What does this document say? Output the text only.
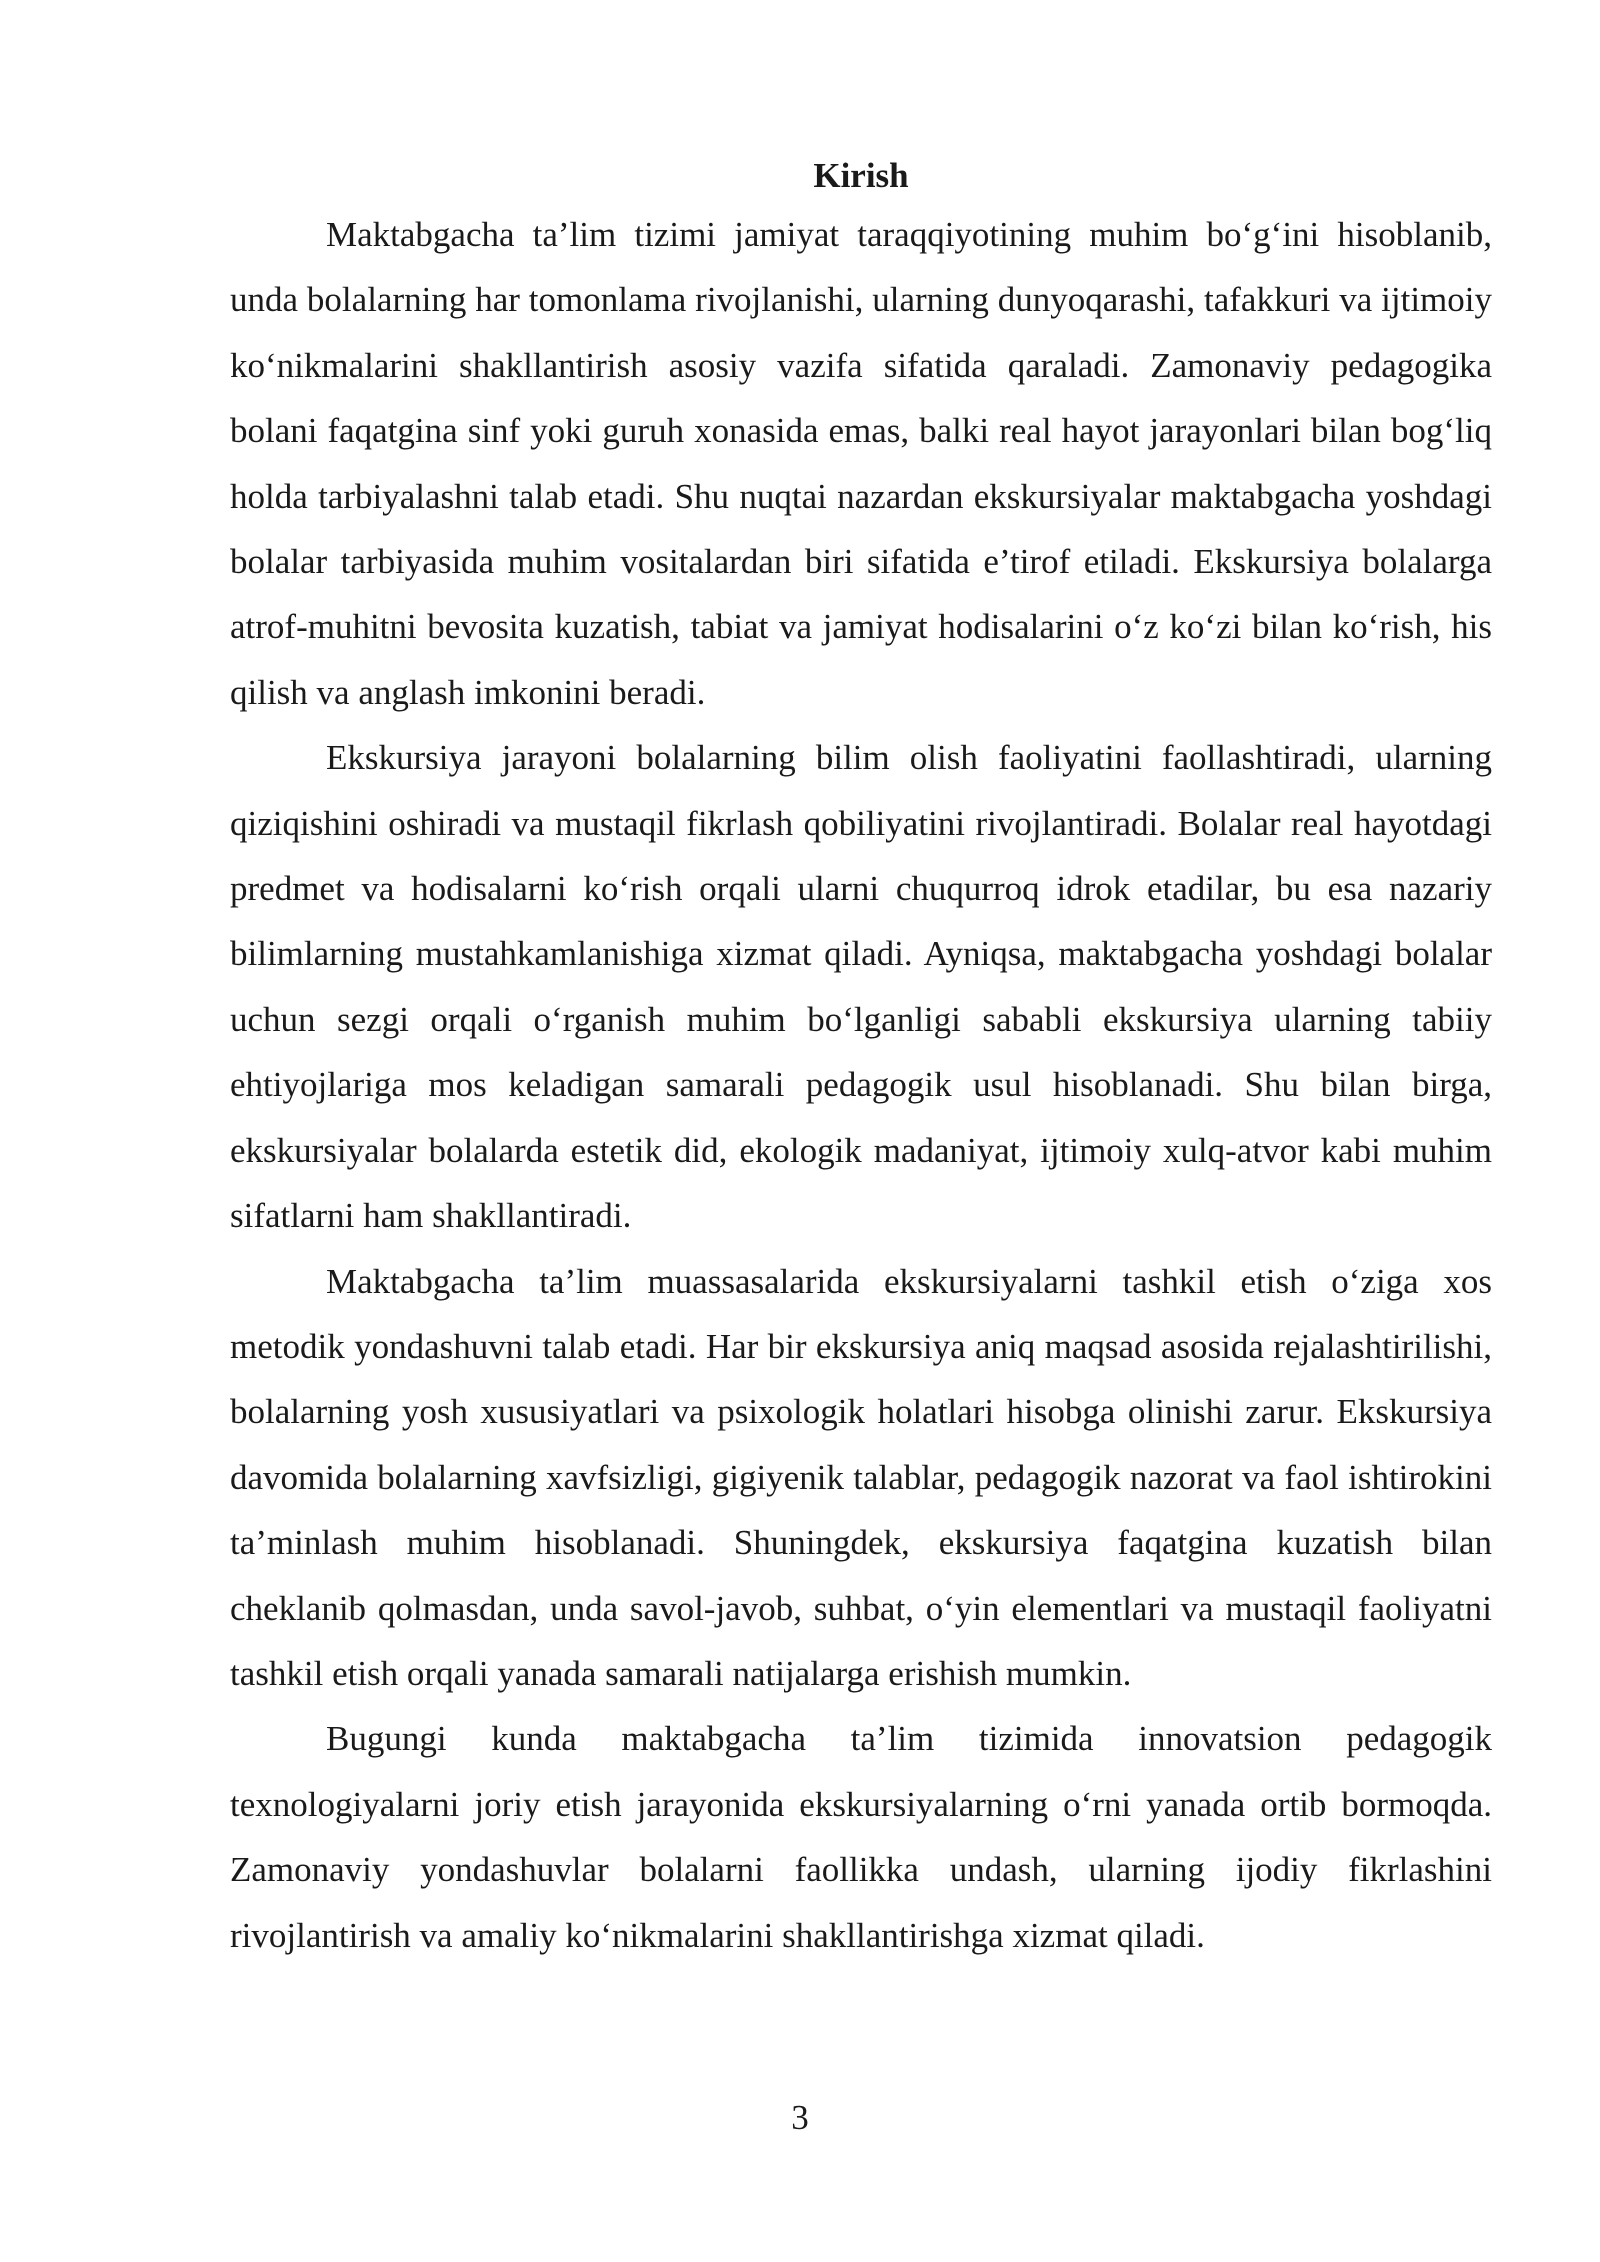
Kirish

Maktabgacha ta’lim tizimi jamiyat taraqqiyotining muhim bo‘g‘ini hisoblanib, unda bolalarning har tomonlama rivojlanishi, ularning dunyoqarashi, tafakkuri va ijtimoiy ko‘nikmalarini shakllantirish asosiy vazifa sifatida qaraladi. Zamonaviy pedagogika bolani faqatgina sinf yoki guruh xonasida emas, balki real hayot jarayonlari bilan bog‘liq holda tarbiyalashni talab etadi. Shu nuqtai nazardan ekskursiyalar maktabgacha yoshdagi bolalar tarbiyasida muhim vositalardan biri sifatida e’tirof etiladi. Ekskursiya bolalarga atrof-muhitni bevosita kuzatish, tabiat va jamiyat hodisalarini o‘z ko‘zi bilan ko‘rish, his qilish va anglash imkonini beradi.

Ekskursiya jarayoni bolalarning bilim olish faoliyatini faollashtiradi, ularning qiziqishini oshiradi va mustaqil fikrlash qobiliyatini rivojlantiradi. Bolalar real hayotdagi predmet va hodisalarni ko‘rish orqali ularni chuqurroq idrok etadilar, bu esa nazariy bilimlarning mustahkamlanishiga xizmat qiladi. Ayniqsa, maktabgacha yoshdagi bolalar uchun sezgi orqali o‘rganish muhim bo‘lganligi sababli ekskursiya ularning tabiiy ehtiyojlariga mos keladigan samarali pedagogik usul hisoblanadi. Shu bilan birga, ekskursiyalar bolalarda estetik did, ekologik madaniyat, ijtimoiy xulq-atvor kabi muhim sifatlarni ham shakllantiradi.

Maktabgacha ta’lim muassasalarida ekskursiyalarni tashkil etish o‘ziga xos metodik yondashuvni talab etadi. Har bir ekskursiya aniq maqsad asosida rejalashtirilishi, bolalarning yosh xususiyatlari va psixologik holatlari hisobga olinishi zarur. Ekskursiya davomida bolalarning xavfsizligi, gigiyenik talablar, pedagogik nazorat va faol ishtirokini ta’minlash muhim hisoblanadi. Shuningdek, ekskursiya faqatgina kuzatish bilan cheklanib qolmasdan, unda savol-javob, suhbat, o‘yin elementlari va mustaqil faoliyatni tashkil etish orqali yanada samarali natijalarga erishish mumkin.

Bugungi kunda maktabgacha ta’lim tizimida innovatsion pedagogik texnologiyalarni joriy etish jarayonida ekskursiyalarning o‘rni yanada ortib bormoqda. Zamonaviy yondashuvlar bolalarni faollikka undash, ularning ijodiy fikrlashini rivojlantirish va amaliy ko‘nikmalarini shakllantirishga xizmat qiladi.

3
